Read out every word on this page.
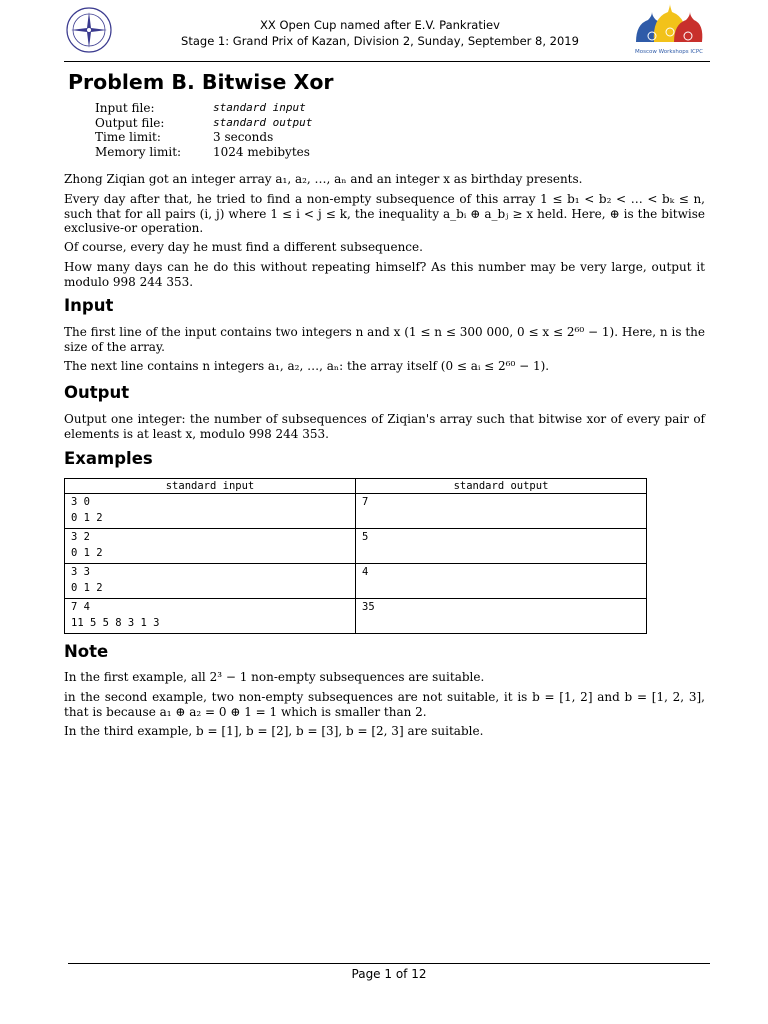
XX Open Cup named after E.V. Pankratiev
Stage 1: Grand Prix of Kazan, Division 2, Sunday, September 8, 2019
Moscow Workshops ICPC
Problem B. Bitwise Xor
Input file:	standard input
Output file:	standard output
Time limit:	3 seconds
Memory limit:	1024 mebibytes
Zhong Ziqian got an integer array a₁, a₂, …, aₙ and an integer x as birthday presents.
Every day after that, he tried to find a non-empty subsequence of this array 1 ≤ b₁ < b₂ < … < bₖ ≤ n, such that for all pairs (i, j) where 1 ≤ i < j ≤ k, the inequality a_bᵢ ⊕ a_bⱼ ≥ x held. Here, ⊕ is the bitwise exclusive-or operation.
Of course, every day he must find a different subsequence.
How many days can he do this without repeating himself? As this number may be very large, output it modulo 998 244 353.
Input
The first line of the input contains two integers n and x (1 ≤ n ≤ 300 000, 0 ≤ x ≤ 2⁶⁰ − 1). Here, n is the size of the array.
The next line contains n integers a₁, a₂, …, aₙ: the array itself (0 ≤ aᵢ ≤ 2⁶⁰ − 1).
Output
Output one integer: the number of subsequences of Ziqian's array such that bitwise xor of every pair of elements is at least x, modulo 998 244 353.
Examples
standard input	standard output

3 0
0 1 2	7

3 2
0 1 2	5

3 3
0 1 2	4

7 4
11 5 5 8 3 1 3	35
Note
In the first example, all 2³ − 1 non-empty subsequences are suitable.
in the second example, two non-empty subsequences are not suitable, it is b = [1, 2] and b = [1, 2, 3], that is because a₁ ⊕ a₂ = 0 ⊕ 1 = 1 which is smaller than 2.
In the third example, b = [1], b = [2], b = [3], b = [2, 3] are suitable.
Page 1 of 12
